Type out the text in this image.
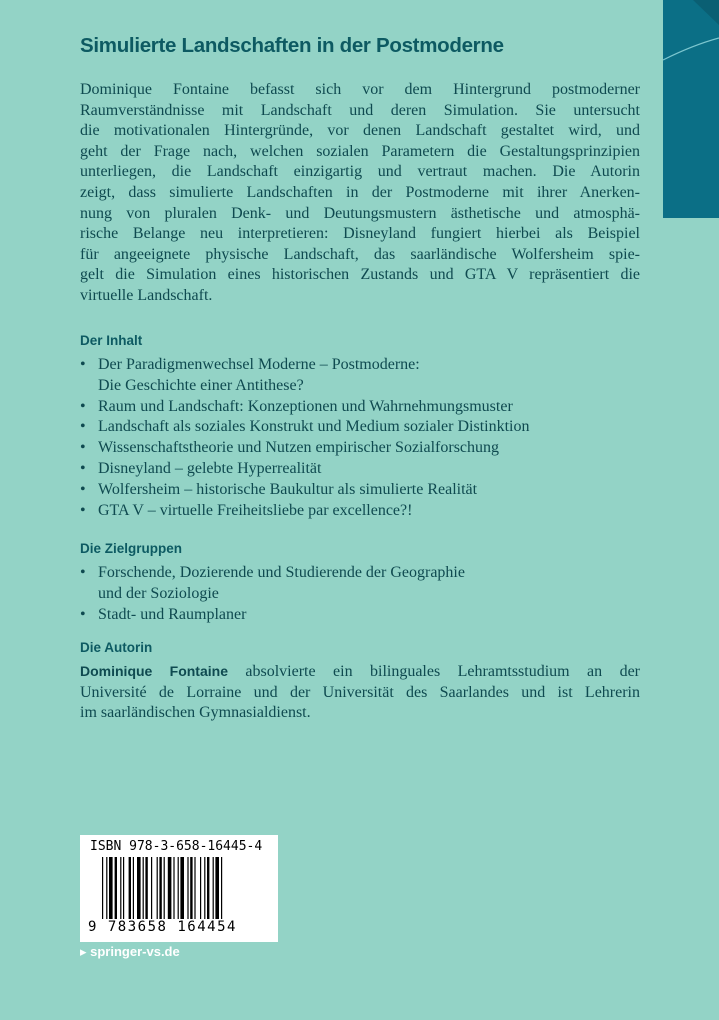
Simulierte Landschaften in der Postmoderne
Dominique Fontaine befasst sich vor dem Hintergrund postmoderner
Raumverständnisse mit Landschaft und deren Simulation. Sie untersucht
die motivationalen Hintergründe, vor denen Landschaft gestaltet wird, und
geht der Frage nach, welchen sozialen Parametern die Gestaltungsprinzipien
unterliegen, die Landschaft einzigartig und vertraut machen. Die Autorin
zeigt, dass simulierte Landschaften in der Postmoderne mit ihrer Anerken-
nung von pluralen Denk- und Deutungsmustern ästhetische und atmosphä-
rische Belange neu interpretieren: Disneyland fungiert hierbei als Beispiel
für angeeignete physische Landschaft, das saarländische Wolfersheim spie-
gelt die Simulation eines historischen Zustands und GTA V repräsentiert die
virtuelle Landschaft.
Der Inhalt
• Der Paradigmenwechsel Moderne – Postmoderne:
Die Geschichte einer Antithese?
• Raum und Landschaft: Konzeptionen und Wahrnehmungsmuster
• Landschaft als soziales Konstrukt und Medium sozialer Distinktion
• Wissenschaftstheorie und Nutzen empirischer Sozialforschung
• Disneyland – gelebte Hyperrealität
• Wolfersheim – historische Baukultur als simulierte Realität
• GTA V – virtuelle Freiheitsliebe par excellence?!
Die Zielgruppen
• Forschende, Dozierende und Studierende der Geographie
und der Soziologie
• Stadt- und Raumplaner
Die Autorin
Dominique Fontaine absolvierte ein bilinguales Lehramtsstudium an der
Université de Lorraine und der Universität des Saarlandes und ist Lehrerin
im saarländischen Gymnasialdienst.
ISBN 978-3-658-16445-4
9 783658 164454
▸ springer-vs.de
